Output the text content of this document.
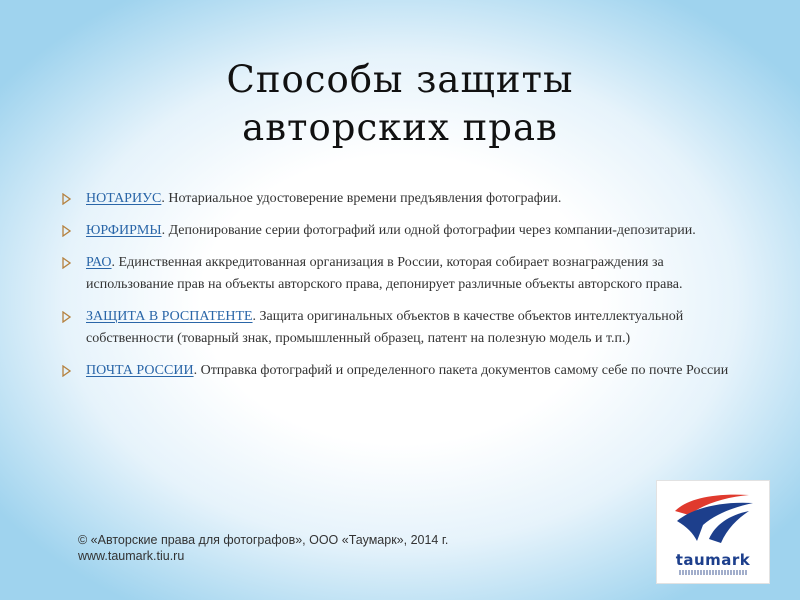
Способы защиты
авторских прав
НОТАРИУС. Нотариальное удостоверение времени предъявления фотографии.
ЮРФИРМЫ. Депонирование серии фотографий или одной фотографии через компании-депозитарии.
РАО. Единственная аккредитованная организация в России, которая собирает вознаграждения за использование прав на объекты авторского права, депонирует различные объекты авторского права.
ЗАЩИТА В РОСПАТЕНТЕ. Защита оригинальных объектов в качестве объектов интеллектуальной собственности (товарный знак, промышленный образец, патент на полезную модель и т.п.)
ПОЧТА РОССИИ. Отправка фотографий и определенного пакета документов самому себе по почте России
© «Авторские права для фотографов», ООО «Таумарк», 2014 г.
www.taumark.tiu.ru	taumark
